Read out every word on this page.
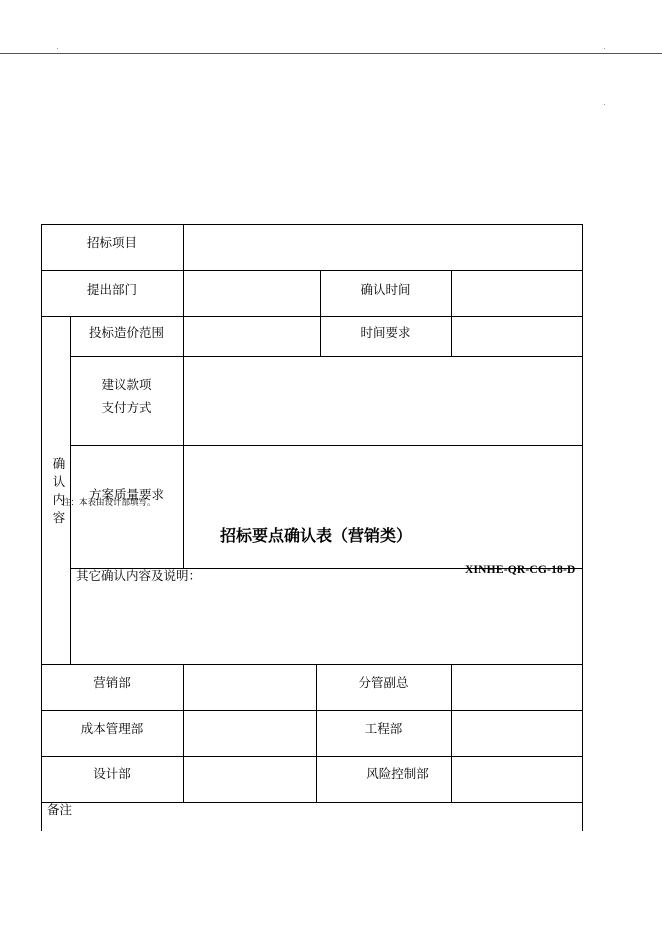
招标项目
提出部门	确认时间
确
认
内
容
投标造价范围	时间要求
建议款项
支付方式
方案质量要求
其它确认内容及说明：
营销部	分管副总
成本管理部	工程部
设计部	风险控制部
备注
注：本表由设计部填写。
招标要点确认表（营销类）
XINHE-QR-CG-18-D
